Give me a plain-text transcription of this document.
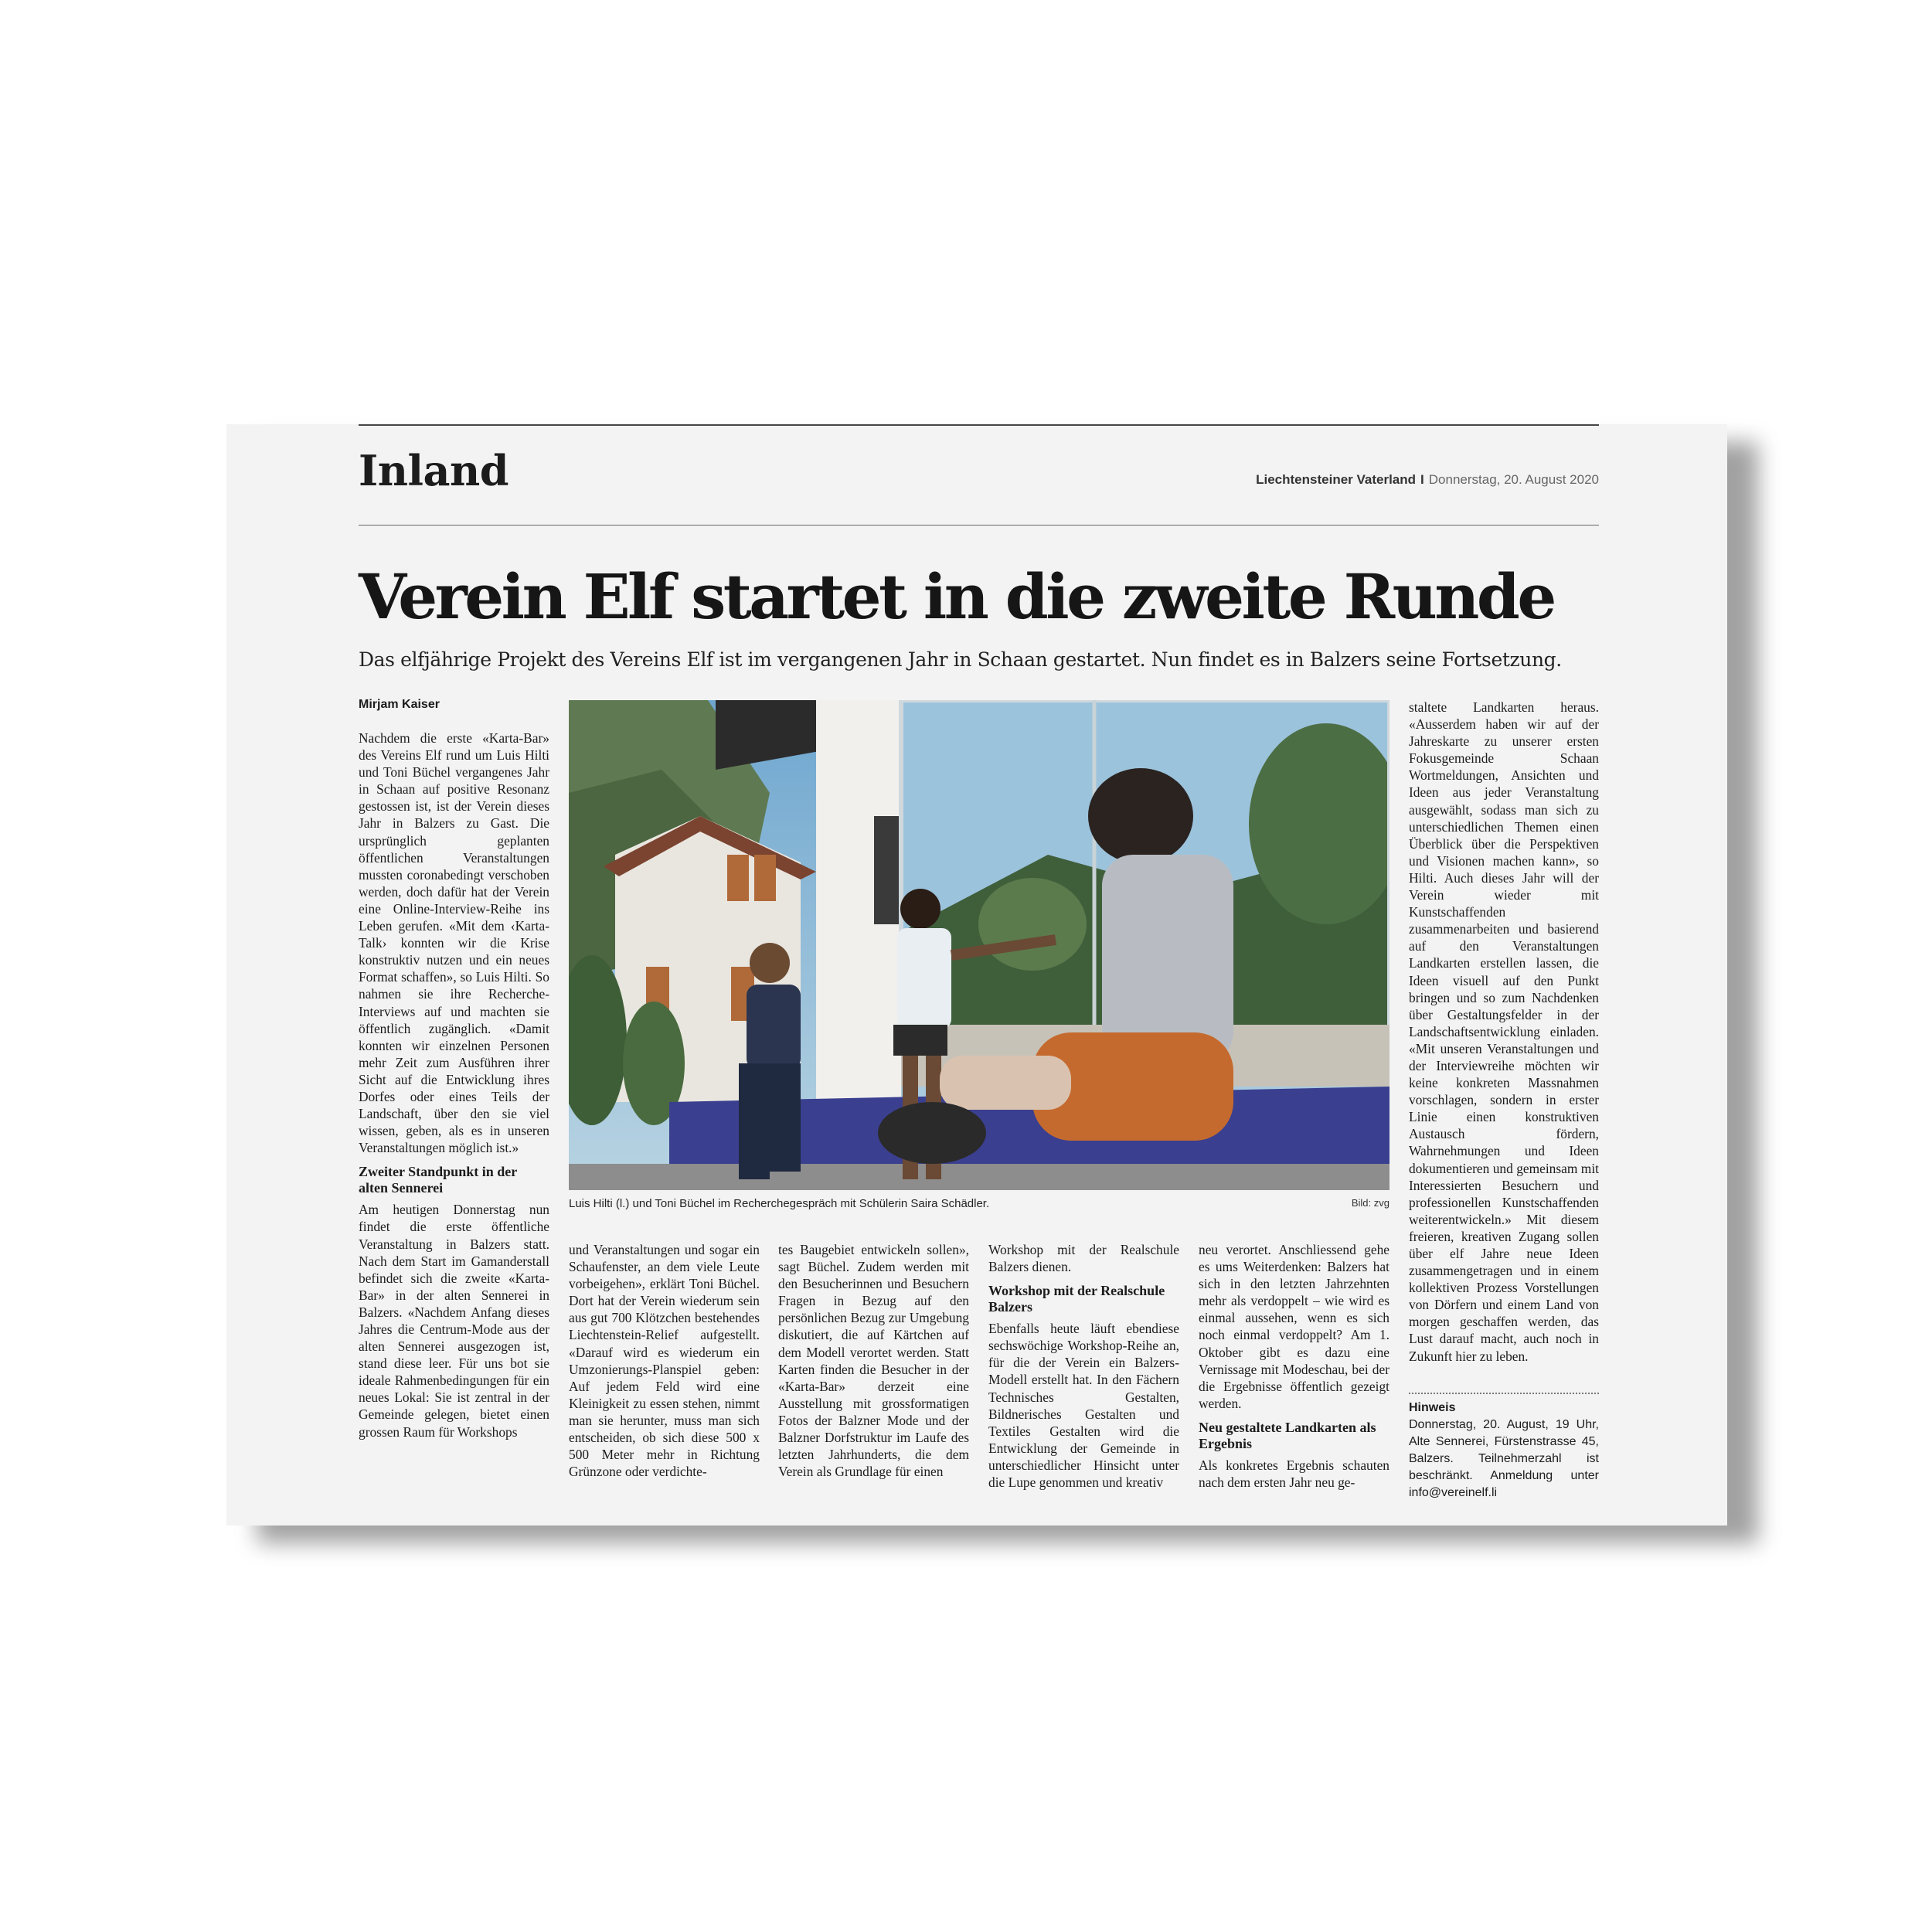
Inland	Liechtensteiner Vaterland I Donnerstag, 20. August 2020
Verein Elf startet in die zweite Runde
Das elfjährige Projekt des Vereins Elf ist im vergangenen Jahr in Schaan gestartet. Nun findet es in Balzers seine Fortsetzung.
Mirjam Kaiser

Nachdem die erste «Karta-Bar» des Vereins Elf rund um Luis Hilti und Toni Büchel vergangenes Jahr in Schaan auf positive Resonanz gestossen ist, ist der Verein dieses Jahr in Balzers zu Gast. Die ursprünglich geplanten öffentlichen Veranstaltungen mussten coronabedingt verschoben werden, doch dafür hat der Verein eine Online-Interview-Reihe ins Leben gerufen. «Mit dem ‹Karta-Talk› konnten wir die Krise konstruktiv nutzen und ein neues Format schaffen», so Luis Hilti. So nahmen sie ihre Recherche-Interviews auf und machten sie öffentlich zugänglich. «Damit konnten wir einzelnen Personen mehr Zeit zum Ausführen ihrer Sicht auf die Entwicklung ihres Dorfes oder eines Teils der Landschaft, über den sie viel wissen, geben, als es in unseren Veranstaltungen möglich ist.»

Zweiter Standpunkt in der alten Sennerei

Am heutigen Donnerstag nun findet die erste öffentliche Veranstaltung in Balzers statt. Nach dem Start im Gamanderstall befindet sich die zweite «Karta-Bar» in der alten Sennerei in Balzers. «Nachdem Anfang dieses Jahres die Centrum-Mode aus der alten Sennerei ausgezogen ist, stand diese leer. Für uns bot sie ideale Rahmenbedingungen für ein neues Lokal: Sie ist zentral in der Gemeinde gelegen, bietet einen grossen Raum für Workshops

Luis Hilti (l.) und Toni Büchel im Recherchegespräch mit Schülerin Saira Schädler.	Bild: zvg

und Veranstaltungen und sogar ein Schaufenster, an dem viele Leute vorbeigehen», erklärt Toni Büchel. Dort hat der Verein wiederum sein aus gut 700 Klötzchen bestehendes Liechtenstein-Relief aufgestellt. «Darauf wird es wiederum ein Umzonierungs-Planspiel geben: Auf jedem Feld wird eine Kleinigkeit zu essen stehen, nimmt man sie herunter, muss man sich entscheiden, ob sich diese 500 x 500 Meter mehr in Richtung Grünzone oder verdichte-

tes Baugebiet entwickeln sollen», sagt Büchel. Zudem werden mit den Besucherinnen und Besuchern Fragen in Bezug auf den persönlichen Bezug zur Umgebung diskutiert, die auf Kärtchen auf dem Modell verortet werden. Statt Karten finden die Besucher in der «Karta-Bar» derzeit eine Ausstellung mit grossformatigen Fotos der Balzner Mode und der Balzner Dorfstruktur im Laufe des letzten Jahrhunderts, die dem Verein als Grundlage für einen

Workshop mit der Realschule Balzers dienen.

Workshop mit der Realschule Balzers

Ebenfalls heute läuft ebendiese sechswöchige Workshop-Reihe an, für die der Verein ein Balzers-Modell erstellt hat. In den Fächern Technisches Gestalten, Bildnerisches Gestalten und Textiles Gestalten wird die Entwicklung der Gemeinde in unterschiedlicher Hinsicht unter die Lupe genommen und kreativ

neu verortet. Anschliessend gehe es ums Weiterdenken: Balzers hat sich in den letzten Jahrzehnten mehr als verdoppelt – wie wird es einmal aussehen, wenn es sich noch einmal verdoppelt? Am 1. Oktober gibt es dazu eine Vernissage mit Modeschau, bei der die Ergebnisse öffentlich gezeigt werden.

Neu gestaltete Landkarten als Ergebnis

Als konkretes Ergebnis schauten nach dem ersten Jahr neu ge-

staltete Landkarten heraus. «Ausserdem haben wir auf der Jahreskarte zu unserer ersten Fokusgemeinde Schaan Wortmeldungen, Ansichten und Ideen aus jeder Veranstaltung ausgewählt, sodass man sich zu unterschiedlichen Themen einen Überblick über die Perspektiven und Visionen machen kann», so Hilti. Auch dieses Jahr will der Verein wieder mit Kunstschaffenden zusammenarbeiten und basierend auf den Veranstaltungen Landkarten erstellen lassen, die Ideen visuell auf den Punkt bringen und so zum Nachdenken über Gestaltungsfelder in der Landschaftsentwicklung einladen. «Mit unseren Veranstaltungen und der Interviewreihe möchten wir keine konkreten Massnahmen vorschlagen, sondern in erster Linie einen konstruktiven Austausch fördern, Wahrnehmungen und Ideen dokumentieren und gemeinsam mit Interessierten Besuchern und professionellen Kunstschaffenden weiterentwickeln.» Mit diesem freieren, kreativen Zugang sollen über elf Jahre neue Ideen zusammengetragen und in einem kollektiven Prozess Vorstellungen von Dörfern und einem Land von morgen geschaffen werden, das Lust darauf macht, auch noch in Zukunft hier zu leben.

Hinweis
Donnerstag, 20. August, 19 Uhr, Alte Sennerei, Fürstenstrasse 45, Balzers. Teilnehmerzahl ist beschränkt. Anmeldung unter info@vereinelf.li
